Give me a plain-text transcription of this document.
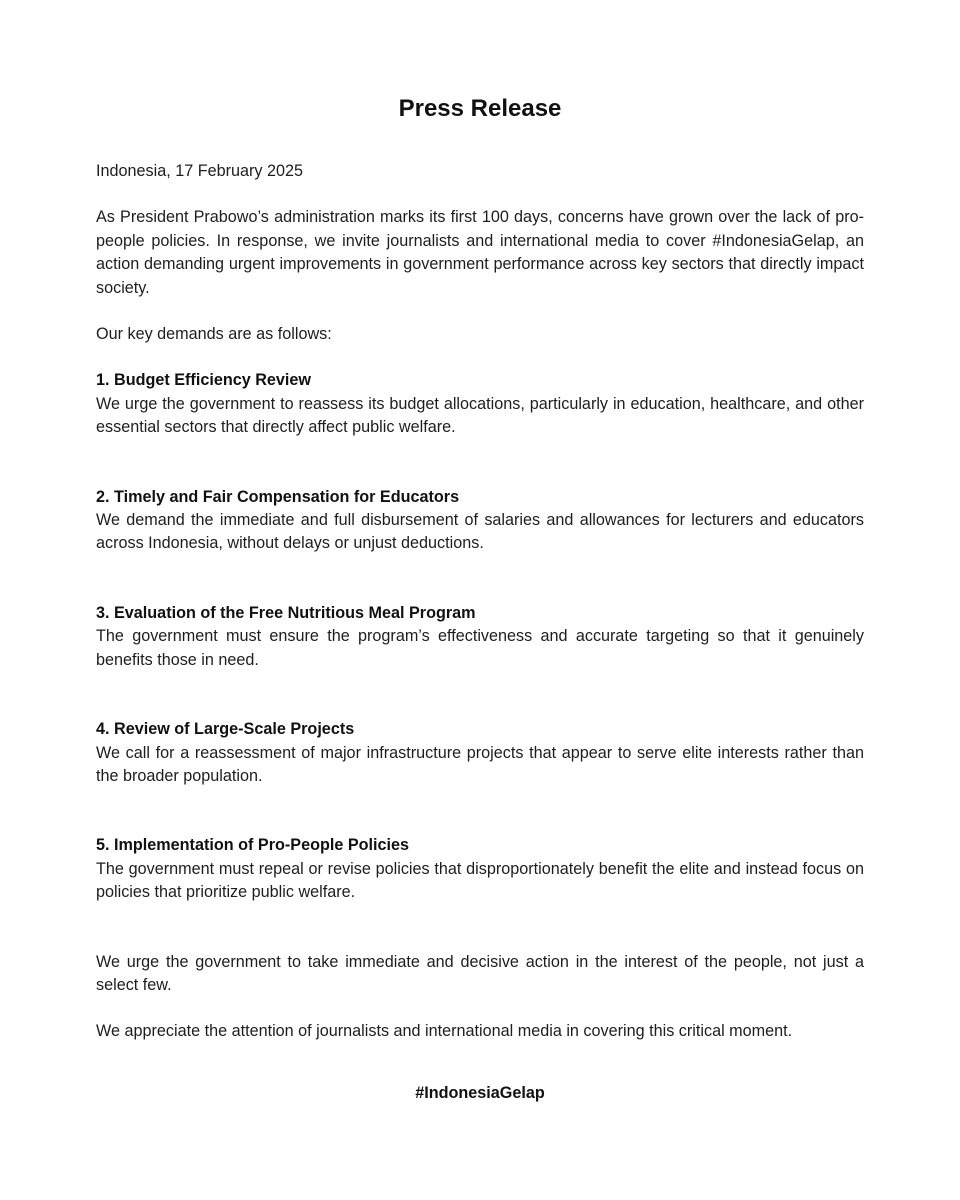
Press Release

Indonesia, 17 February 2025

As President Prabowo’s administration marks its first 100 days, concerns have grown over the lack of pro-people policies. In response, we invite journalists and international media to cover #IndonesiaGelap, an action demanding urgent improvements in government performance across key sectors that directly impact society.

Our key demands are as follows:

1. Budget Efficiency Review

We urge the government to reassess its budget allocations, particularly in education, healthcare, and other essential sectors that directly affect public welfare.

2. Timely and Fair Compensation for Educators

We demand the immediate and full disbursement of salaries and allowances for lecturers and educators across Indonesia, without delays or unjust deductions.

3. Evaluation of the Free Nutritious Meal Program

The government must ensure the program’s effectiveness and accurate targeting so that it genuinely benefits those in need.

4. Review of Large-Scale Projects

We call for a reassessment of major infrastructure projects that appear to serve elite interests rather than the broader population.

5. Implementation of Pro-People Policies

The government must repeal or revise policies that disproportionately benefit the elite and instead focus on policies that prioritize public welfare.

We urge the government to take immediate and decisive action in the interest of the people, not just a select few.

We appreciate the attention of journalists and international media in covering this critical moment.

#IndonesiaGelap
